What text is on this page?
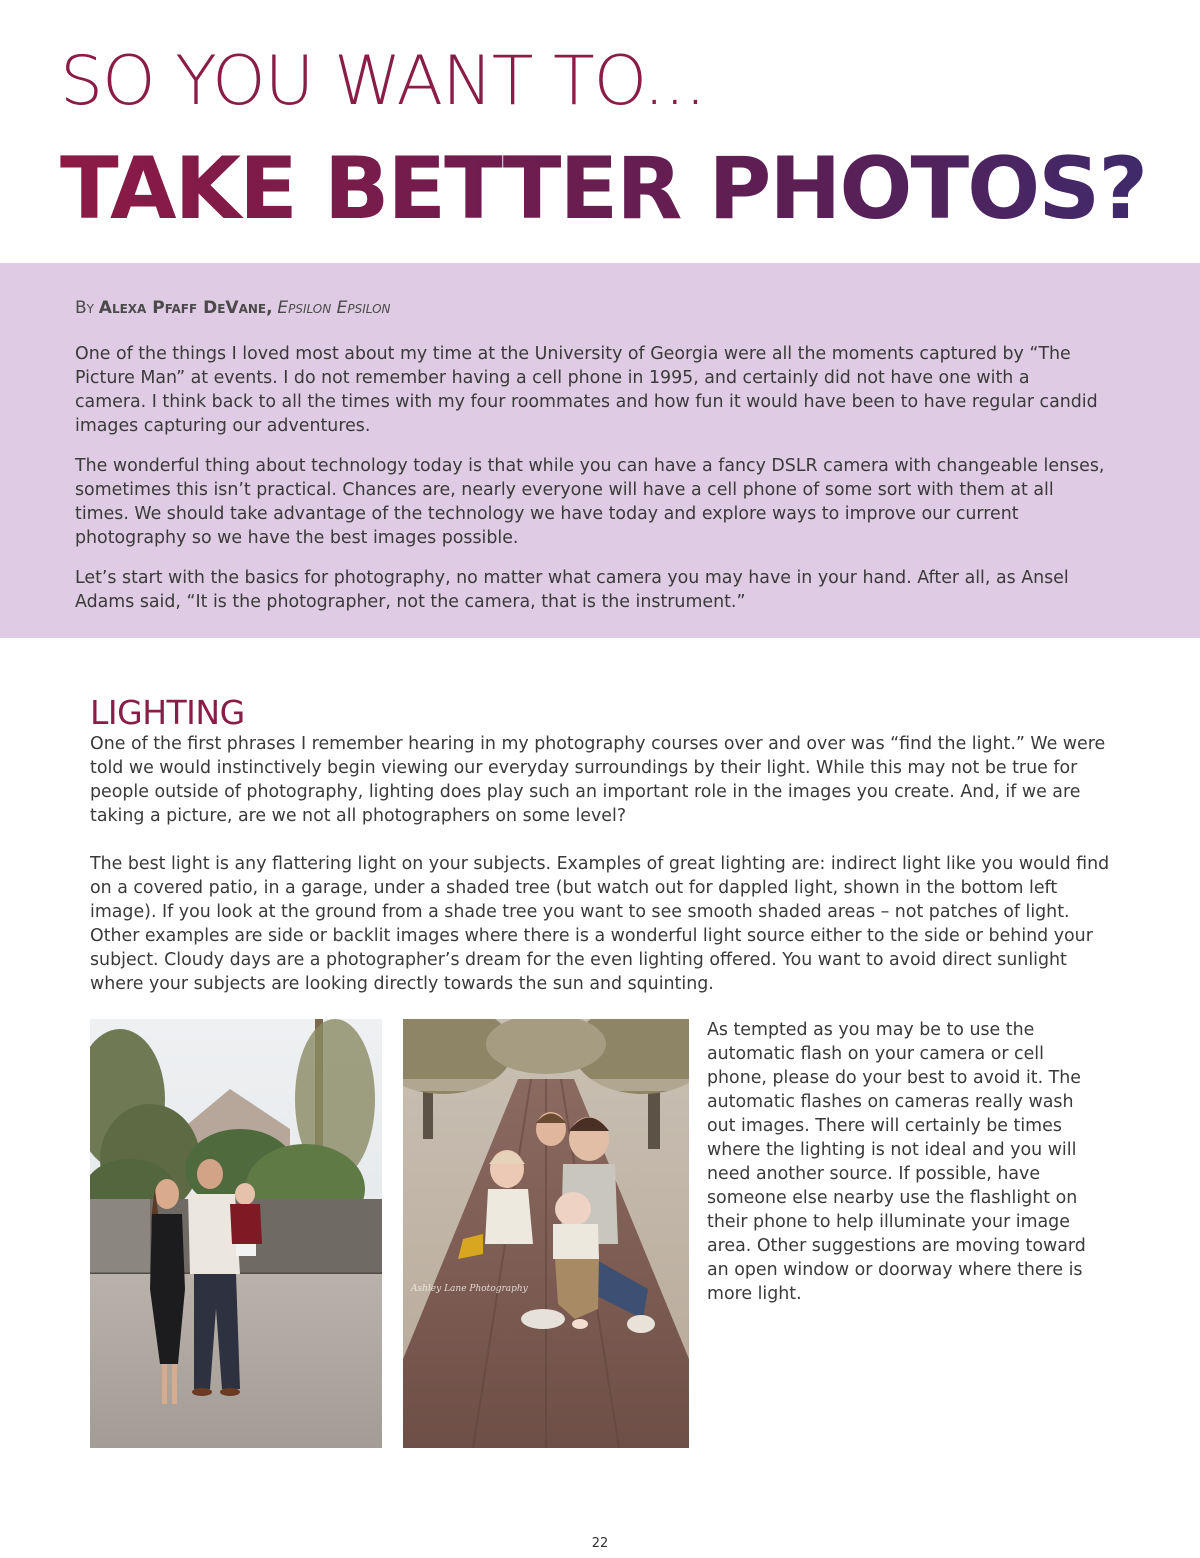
SO YOU WANT TO...
TAKE BETTER PHOTOS?
By Alexa Pfaff DeVane, Epsilon Epsilon

One of the things I loved most about my time at the University of Georgia were all the moments captured by “The Picture Man” at events. I do not remember having a cell phone in 1995, and certainly did not have one with a camera. I think back to all the times with my four roommates and how fun it would have been to have regular candid images capturing our adventures.

The wonderful thing about technology today is that while you can have a fancy DSLR camera with changeable lenses, sometimes this isn’t practical. Chances are, nearly everyone will have a cell phone of some sort with them at all times. We should take advantage of the technology we have today and explore ways to improve our current photography so we have the best images possible.

Let’s start with the basics for photography, no matter what camera you may have in your hand. After all, as Ansel Adams said, “It is the photographer, not the camera, that is the instrument.”

LIGHTING

One of the first phrases I remember hearing in my photography courses over and over was “find the light.” We were told we would instinctively begin viewing our everyday surroundings by their light. While this may not be true for people outside of photography, lighting does play such an important role in the images you create. And, if we are taking a picture, are we not all photographers on some level?

The best light is any flattering light on your subjects. Examples of great lighting are: indirect light like you would find on a covered patio, in a garage, under a shaded tree (but watch out for dappled light, shown in the bottom left image). If you look at the ground from a shade tree you want to see smooth shaded areas – not patches of light. Other examples are side or backlit images where there is a wonderful light source either to the side or behind your subject. Cloudy days are a photographer’s dream for the even lighting offered. You want to avoid direct sunlight where your subjects are looking directly towards the sun and squinting.

Ashley Lane Photography

As tempted as you may be to use the automatic flash on your camera or cell phone, please do your best to avoid it. The automatic flashes on cameras really wash out images. There will certainly be times where the lighting is not ideal and you will need another source. If possible, have someone else nearby use the flashlight on their phone to help illuminate your image area. Other suggestions are moving toward an open window or doorway where there is more light.

22
